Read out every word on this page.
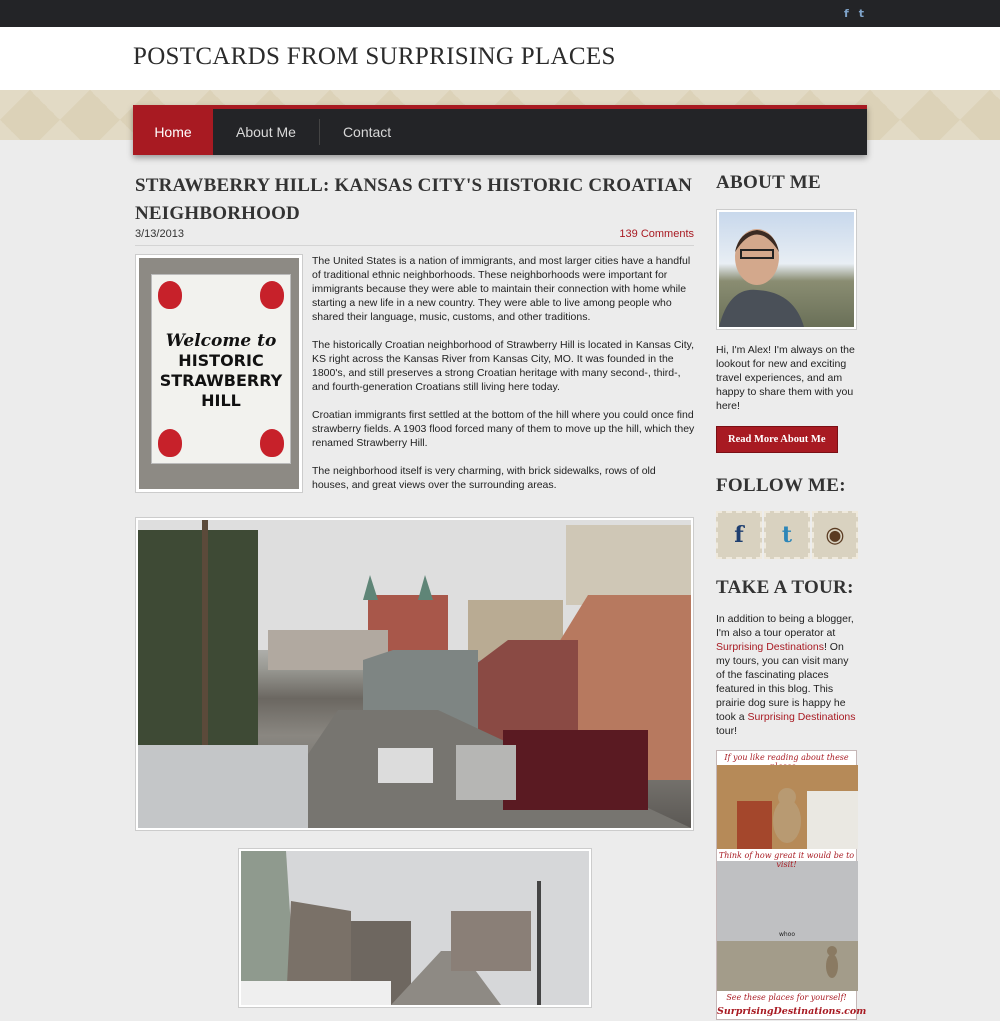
f t
POSTCARDS FROM SURPRISING PLACES
Home	About Me	Contact
STRAWBERRY HILL: KANSAS CITY'S HISTORIC CROATIAN NEIGHBORHOOD
3/13/2013	139 Comments
Welcome to
HISTORIC
STRAWBERRY
HILL

The United States is a nation of immigrants, and most larger cities have a handful of traditional ethnic neighborhoods. These neighborhoods were important for immigrants because they were able to maintain their connection with home while starting a new life in a new country. They were able to live among people who shared their language, music, customs, and other traditions.

The historically Croatian neighborhood of Strawberry Hill is located in Kansas City, KS right across the Kansas River from Kansas City, MO. It was founded in the 1800's, and still preserves a strong Croatian heritage with many second-, third-, and fourth-generation Croatians still living here today.

Croatian immigrants first settled at the bottom of the hill where you could once find strawberry fields. A 1903 flood forced many of them to move up the hill, which they renamed Strawberry Hill.

The neighborhood itself is very charming, with brick sidewalks, rows of old houses, and great views over the surrounding areas.

ABOUT ME

Hi, I'm Alex! I'm always on the lookout for new and exciting travel experiences, and am happy to share them with you here!

Read More About Me
FOLLOW ME:
f t ◉
TAKE A TOUR:

In addition to being a blogger, I'm also a tour operator at Surprising Destinations! On my tours, you can visit many of the fascinating places featured in this blog. This prairie dog sure is happy he took a Surprising Destinations tour!

If you like reading about these
Think of how great it would be to visit!
whoo
See these places for yourself!
SurprisingDestinations.com
